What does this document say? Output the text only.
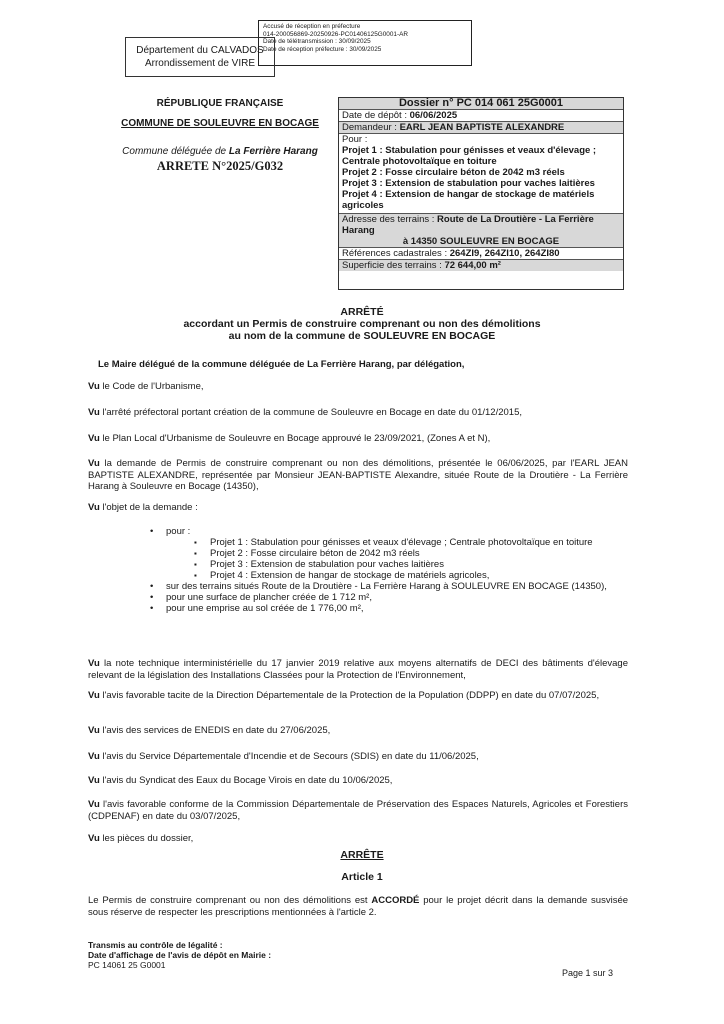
Accusé de réception en préfecture
014-200056869-20250926-PC01406125G0001-AR
Date de télétransmission : 30/09/2025
Date de réception préfecture : 30/09/2025
Département du CALVADOS
Arrondissement de VIRE
RÉPUBLIQUE FRANÇAISE
COMMUNE DE SOULEUVRE EN BOCAGE
Commune déléguée de La Ferrière Harang
ARRETE N°2025/G032
Dossier n° PC 014 061 25G0001
Date de dépôt : 06/06/2025
Demandeur : EARL JEAN BAPTISTE ALEXANDRE
Pour :
Projet 1 : Stabulation pour génisses et veaux d'élevage ; Centrale photovoltaïque en toiture
Projet 2 : Fosse circulaire béton de 2042 m3 réels
Projet 3 : Extension de stabulation pour vaches laitières
Projet 4 : Extension de hangar de stockage de matériels agricoles
Adresse des terrains : Route de La Droutière - La Ferrière Harang
à 14350 SOULEUVRE EN BOCAGE
Références cadastrales : 264ZI9, 264ZI10, 264ZI80
Superficie des terrains : 72 644,00 m²
ARRÊTÉ
accordant un Permis de construire comprenant ou non des démolitions
au nom de la commune de SOULEUVRE EN BOCAGE
Le Maire délégué de la commune déléguée de La Ferrière Harang, par délégation,
Vu le Code de l'Urbanisme,
Vu l'arrêté préfectoral portant création de la commune de Souleuvre en Bocage en date du 01/12/2015,
Vu le Plan Local d'Urbanisme de Souleuvre en Bocage approuvé le 23/09/2021, (Zones A et N),
Vu la demande de Permis de construire comprenant ou non des démolitions, présentée le 06/06/2025, par l'EARL JEAN BAPTISTE ALEXANDRE, représentée par Monsieur JEAN-BAPTISTE Alexandre, située Route de la Droutière - La Ferrière Harang à Souleuvre en Bocage (14350),
Vu l'objet de la demande :
• pour :
▪ Projet 1 : Stabulation pour génisses et veaux d'élevage ; Centrale photovoltaïque en toiture
▪ Projet 2 : Fosse circulaire béton de 2042 m3 réels
▪ Projet 3 : Extension de stabulation pour vaches laitières
▪ Projet 4 : Extension de hangar de stockage de matériels agricoles,
• sur des terrains situés Route de la Droutière - La Ferrière Harang à SOULEUVRE EN BOCAGE (14350),
• pour une surface de plancher créée de 1 712 m²,
• pour une emprise au sol créée de 1 776,00 m²,
Vu la note technique interministérielle du 17 janvier 2019 relative aux moyens alternatifs de DECI des bâtiments d'élevage relevant de la législation des Installations Classées pour la Protection de l'Environnement,
Vu l'avis favorable tacite de la Direction Départementale de la Protection de la Population (DDPP) en date du 07/07/2025,
Vu l'avis des services de ENEDIS en date du 27/06/2025,
Vu l'avis du Service Départementale d'Incendie et de Secours (SDIS) en date du 11/06/2025,
Vu l'avis du Syndicat des Eaux du Bocage Virois en date du 10/06/2025,
Vu l'avis favorable conforme de la Commission Départementale de Préservation des Espaces Naturels, Agricoles et Forestiers (CDPENAF) en date du 03/07/2025,
Vu les pièces du dossier,
ARRÊTE
Article 1
Le Permis de construire comprenant ou non des démolitions est ACCORDÉ pour le projet décrit dans la demande susvisée sous réserve de respecter les prescriptions mentionnées à l'article 2.
Transmis au contrôle de légalité :
Date d'affichage de l'avis de dépôt en Mairie :
PC 14061 25 G0001
Page 1 sur 3
